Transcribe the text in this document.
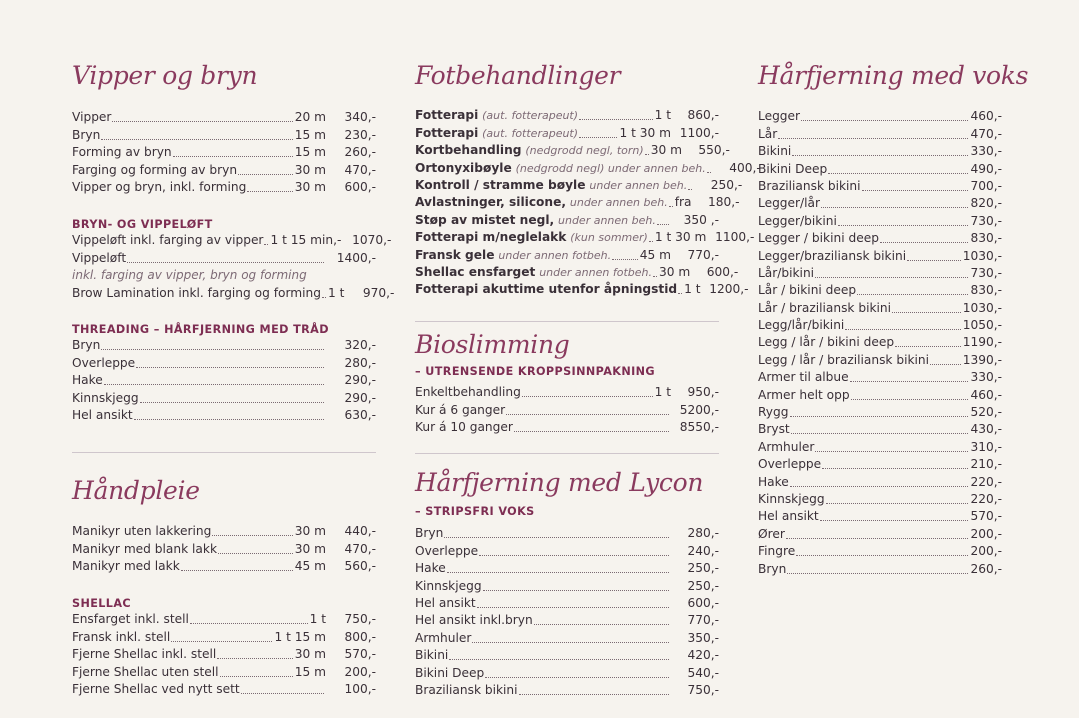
Vipper og bryn
Vipper	20 m	340,-
Bryn	15 m	230,-
Forming av bryn	15 m	260,-
Farging og forming av bryn	30 m	470,-
Vipper og bryn, inkl. forming	30 m	600,-
BRYN- OG VIPPELØFT
Vippeløft inkl. farging av vipper 1 t 15 min,- 1070,-
Vippeløft	1400,-
inkl. farging av vipper, bryn og forming
Brow Lamination inkl. farging og forming 1 t	970,-
THREADING – HÅRFJERNING MED TRÅD
Bryn	320,-
Overleppe	280,-
Hake	290,-
Kinnskjegg	290,-
Hel ansikt	630,-
Håndpleie
Manikyr uten lakkering	30 m	440,-
Manikyr med blank lakk	30 m	470,-
Manikyr med lakk	45 m	560,-
SHELLAC
Ensfarget inkl. stell	1 t	750,-
Fransk inkl. stell	1 t 15 m	800,-
Fjerne Shellac inkl. stell	30 m	570,-
Fjerne Shellac uten stell	15 m	200,-
Fjerne Shellac ved nytt sett	100,-
Fotbehandlinger
Fotterapi (aut. fotterapeut)	1 t	860,-
Fotterapi (aut. fotterapeut)	1 t 30 m 1100,-
Kortbehandling (nedgrodd negl, torn) 30 m	550,-
Ortonyxibøyle (nedgrodd negl) under annen beh.	400,-
Kontroll / stramme bøyle under annen beh.	250,-
Avlastninger, silicone, under annen beh. fra	180,-
Støp av mistet negl, under annen beh.	350 ,-
Fotterapi m/neglelakk (kun sommer) 1 t 30 m 1100,-
Fransk gele under annen fotbeh. 45 m	770,-
Shellac ensfarget under annen fotbeh. 30 m	600,-
Fotterapi akuttime utenfor åpningstid 1 t 1200,-
Bioslimming
– UTRENSENDE KROPPSINNPAKNING
Enkeltbehandling	1 t	950,-
Kur á 6 ganger	5200,-
Kur á 10 ganger	8550,-
Hårfjerning med Lycon
– STRIPSFRI VOKS
Bryn	280,-
Overleppe	240,-
Hake	250,-
Kinnskjegg	250,-
Hel ansikt	600,-
Hel ansikt inkl.bryn	770,-
Armhuler	350,-
Bikini	420,-
Bikini Deep	540,-
Braziliansk bikini	750,-
Hårfjerning med voks
Legger	460,-
Lår	470,-
Bikini	330,-
Bikini Deep	490,-
Braziliansk bikini	700,-
Legger/lår	820,-
Legger/bikini	730,-
Legger / bikini deep	830,-
Legger/braziliansk bikini	1030,-
Lår/bikini	730,-
Lår / bikini deep	830,-
Lår / braziliansk bikini	1030,-
Legg/lår/bikini	1050,-
Legg / lår / bikini deep	1190,-
Legg / lår / braziliansk bikini	1390,-
Armer til albue	330,-
Armer helt opp	460,-
Rygg	520,-
Bryst	430,-
Armhuler	310,-
Overleppe	210,-
Hake	220,-
Kinnskjegg	220,-
Hel ansikt	570,-
Ører	200,-
Fingre	200,-
Bryn	260,-
